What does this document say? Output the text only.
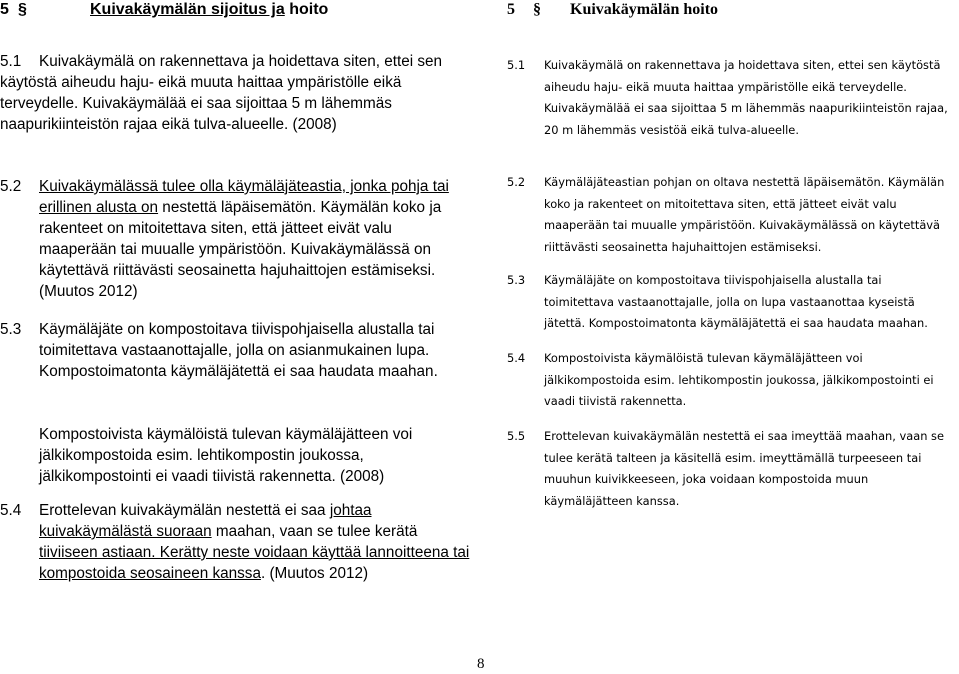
5 §	Kuivakäymälän sijoitus ja hoito
5.1	Kuivakäymälä on rakennettava ja hoidettava siten, ettei sen käytöstä aiheudu haju- eikä muuta haittaa ympäristölle eikä terveydelle. Kuivakäymälää ei saa sijoittaa 5 m lähemmäs naapurikiinteistön rajaa eikä tulva-alueelle. (2008)
5.2	Kuivakäymälässä tulee olla käymäläjäteastia, jonka pohja tai erillinen alusta on nestettä läpäisemätön. Käymälän koko ja rakenteet on mitoitettava siten, että jätteet eivät valu maaperään tai muualle ympäristöön. Kuivakäymälässä on käytettävä riittävästi seosainetta hajuhaittojen estämiseksi. (Muutos 2012)
5.3	Käymäläjäte on kompostoitava tiivispohjaisella alustalla tai toimitettava vastaanottajalle, jolla on asianmukainen lupa. Kompostoimatonta käymäläjätettä ei saa haudata maahan.
Kompostoivista käymälöistä tulevan käymäläjätteen voi jälkikompostoida esim. lehtikompostin joukossa, jälkikompostointi ei vaadi tiivistä rakennetta. (2008)
5.4	Erottelevan kuivakäymälän nestettä ei saa johtaa kuivakäymälästä suoraan maahan, vaan se tulee kerätä tiiviiseen astiaan. Kerätty neste voidaan käyttää lannoitteena tai kompostoida seosaineen kanssa. (Muutos 2012)
5 § Kuivakäymälän hoito
5.1	Kuivakäymälä on rakennettava ja hoidettava siten, ettei sen käytöstä aiheudu haju- eikä muuta haittaa ympäristölle eikä terveydelle. Kuivakäymälää ei saa sijoittaa 5 m lähemmäs naapurikiinteistön rajaa, 20 m lähemmäs vesistöä eikä tulva-alueelle.
5.2	Käymäläjäteastian pohjan on oltava nestettä läpäisemätön. Käymälän koko ja rakenteet on mitoitettava siten, että jätteet eivät valu maaperään tai muualle ympäristöön. Kuivakäymälässä on käytettävä riittävästi seosainetta hajuhaittojen estämiseksi.
5.3	Käymäläjäte on kompostoitava tiivispohjaisella alustalla tai toimitettava vastaanottajalle, jolla on lupa vastaanottaa kyseistä jätettä. Kompostoimatonta käymäläjätettä ei saa haudata maahan.
5.4	Kompostoivista käymälöistä tulevan käymäläjätteen voi jälkikompostoida esim. lehtikompostin joukossa, jälkikompostointi ei vaadi tiivistä rakennetta.
5.5	Erottelevan kuivakäymälän nestettä ei saa imeyttää maahan, vaan se tulee kerätä talteen ja käsitellä esim. imeyttämällä turpeeseen tai muuhun kuivikkeeseen, joka voidaan kompostoida muun käymäläjätteen kanssa.
8
